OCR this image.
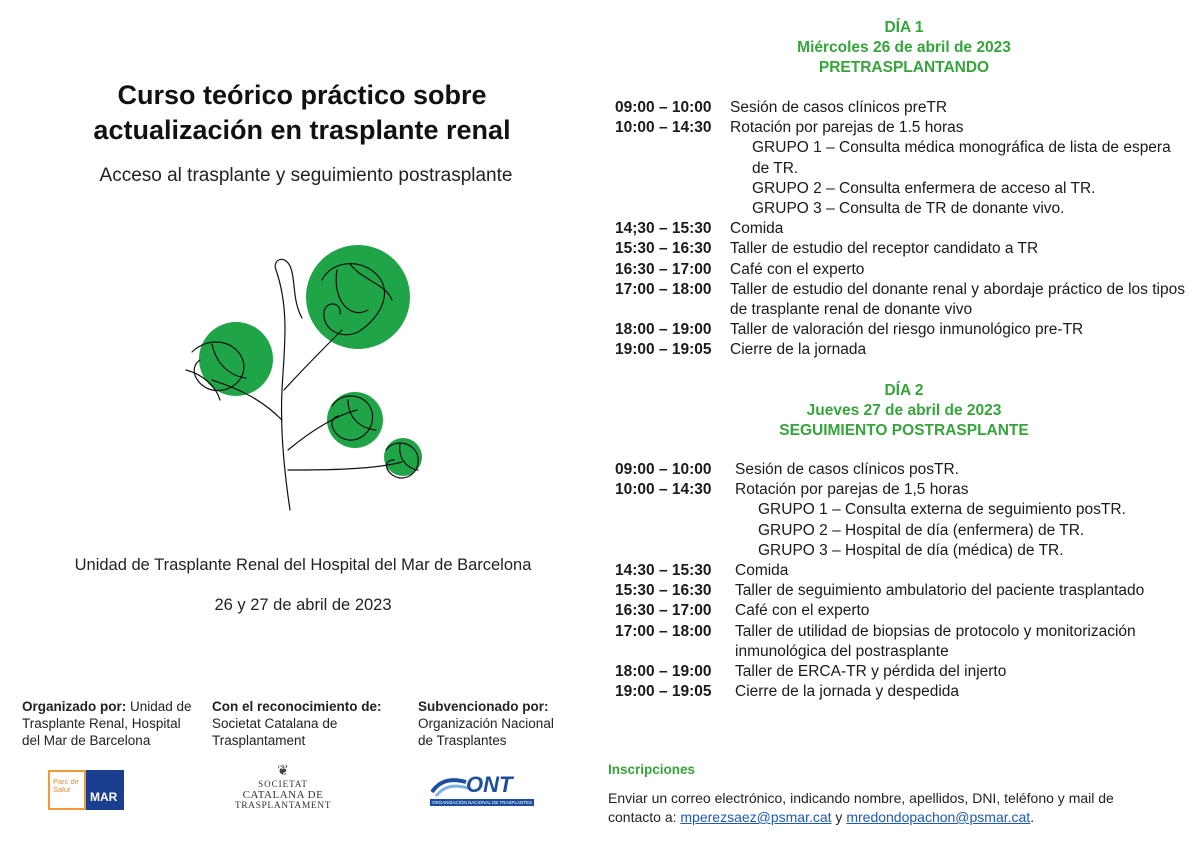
Curso teórico práctico sobre
actualización en trasplante renal
Acceso al trasplante y seguimiento postrasplante
Unidad de Trasplante Renal del Hospital del Mar de Barcelona
26 y 27 de abril de 2023
Organizado por: Unidad de Trasplante Renal, Hospital del Mar de Barcelona
Con el reconocimiento de:
Societat Catalana de Trasplantament
Subvencionado por:
Organización Nacional de Trasplantes
Parc de Salut
MAR
❦
SOCIETAT
CATALANA DE
TRASPLANTAMENT
ONT
ORGANIZACIÓN NACIONAL DE TRASPLANTES
DÍA 1
Miércoles 26 de abril de 2023
PRETRASPLANTANDO
09:00 – 10:00	Sesión de casos clínicos preTR
10:00 – 14:30	Rotación por parejas de 1.5 horas
GRUPO 1 – Consulta médica monográfica de lista de espera de TR.
GRUPO 2 – Consulta enfermera de acceso al TR.
GRUPO 3 – Consulta de TR de donante vivo.
14;30 – 15:30	Comida
15:30 – 16:30	Taller de estudio del receptor candidato a TR
16:30 – 17:00	Café con el experto
17:00 – 18:00	Taller de estudio del donante renal y abordaje práctico de los tipos de trasplante renal de donante vivo
18:00 – 19:00	Taller de valoración del riesgo inmunológico pre-TR
19:00 – 19:05	Cierre de la jornada
DÍA 2
Jueves 27 de abril de 2023
SEGUIMIENTO POSTRASPLANTE
09:00 – 10:00	Sesión de casos clínicos posTR.
10:00 – 14:30	Rotación por parejas de 1,5 horas
GRUPO 1 – Consulta externa de seguimiento posTR.
GRUPO 2 – Hospital de día (enfermera) de TR.
GRUPO 3 – Hospital de día (médica) de TR.
14:30 – 15:30	Comida
15:30 – 16:30	Taller de seguimiento ambulatorio del paciente trasplantado
16:30 – 17:00	Café con el experto
17:00 – 18:00	Taller de utilidad de biopsias de protocolo y monitorización inmunológica del postrasplante
18:00 – 19:00	Taller de ERCA-TR y pérdida del injerto
19:00 – 19:05	Cierre de la jornada y despedida
Inscripciones
Enviar un correo electrónico, indicando nombre, apellidos, DNI, teléfono y mail de contacto a: mperezsaez@psmar.cat y mredondopachon@psmar.cat.
